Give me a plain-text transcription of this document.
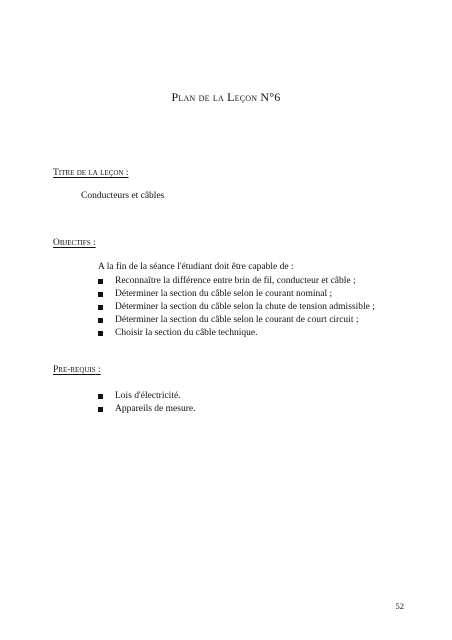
Plan de la Leçon N°6
Titre de la leçon :
Conducteurs et câbles
Objectifs :
A la fin de la séance l'étudiant doit être capable de :
Reconnaître la différence entre brin de fil, conducteur et câble ;
Déterminer la section du câble selon le courant nominal ;
Déterminer la section du câble selon la chute de tension admissible ;
Déterminer la section du câble selon le courant de court circuit ;
Choisir la section du câble technique.
Pre-requis :
Lois d'électricité.
Appareils de mesure.
52
